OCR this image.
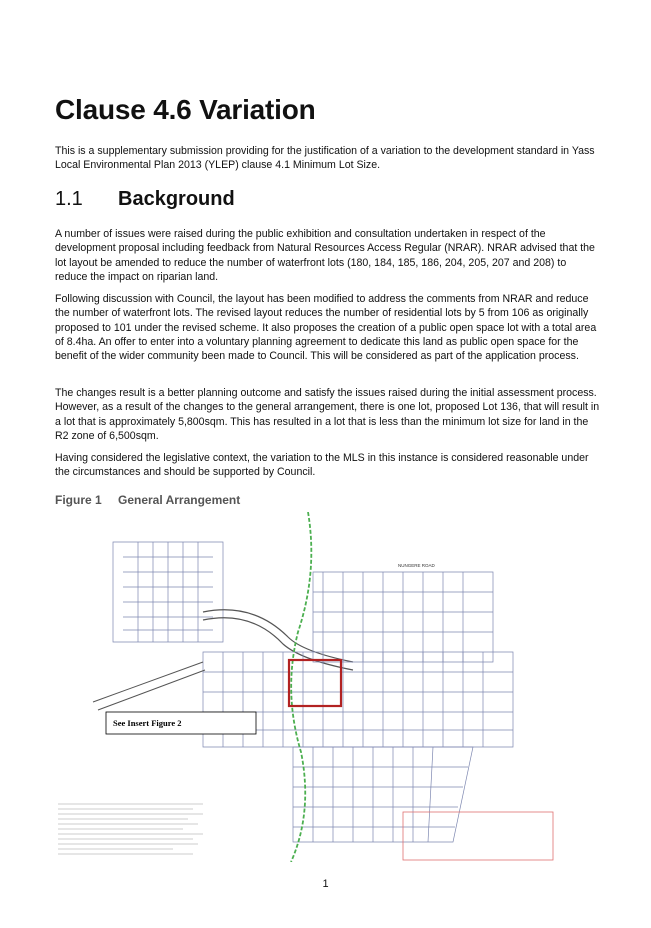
Clause 4.6 Variation

This is a supplementary submission providing for the justification of a variation to the development standard in Yass Local Environmental Plan 2013 (YLEP) clause 4.1 Minimum Lot Size.

1.1 Background

A number of issues were raised during the public exhibition and consultation undertaken in respect of the development proposal including feedback from Natural Resources Access Regular (NRAR). NRAR advised that the lot layout be amended to reduce the number of waterfront lots (180, 184, 185, 186, 204, 205, 207 and 208) to reduce the impact on riparian land.

Following discussion with Council, the layout has been modified to address the comments from NRAR and reduce the number of waterfront lots. The revised layout reduces the number of residential lots by 5 from 106 as originally proposed to 101 under the revised scheme. It also proposes the creation of a public open space lot with a total area of 8.4ha. An offer to enter into a voluntary planning agreement to dedicate this land as public open space for the benefit of the wider community been made to Council. This will be considered as part of the application process.

The changes result is a better planning outcome and satisfy the issues raised during the initial assessment process. However, as a result of the changes to the general arrangement, there is one lot, proposed Lot 136, that will result in a lot that is approximately 5,800sqm. This has resulted in a lot that is less than the minimum lot size for land in the R2 zone of 6,500sqm.

Having considered the legislative context, the variation to the MLS in this instance is considered reasonable under the circumstances and should be supported by Council.

Figure 1 General Arrangement
NUNGERE ROAD
See Insert Figure 2
1
